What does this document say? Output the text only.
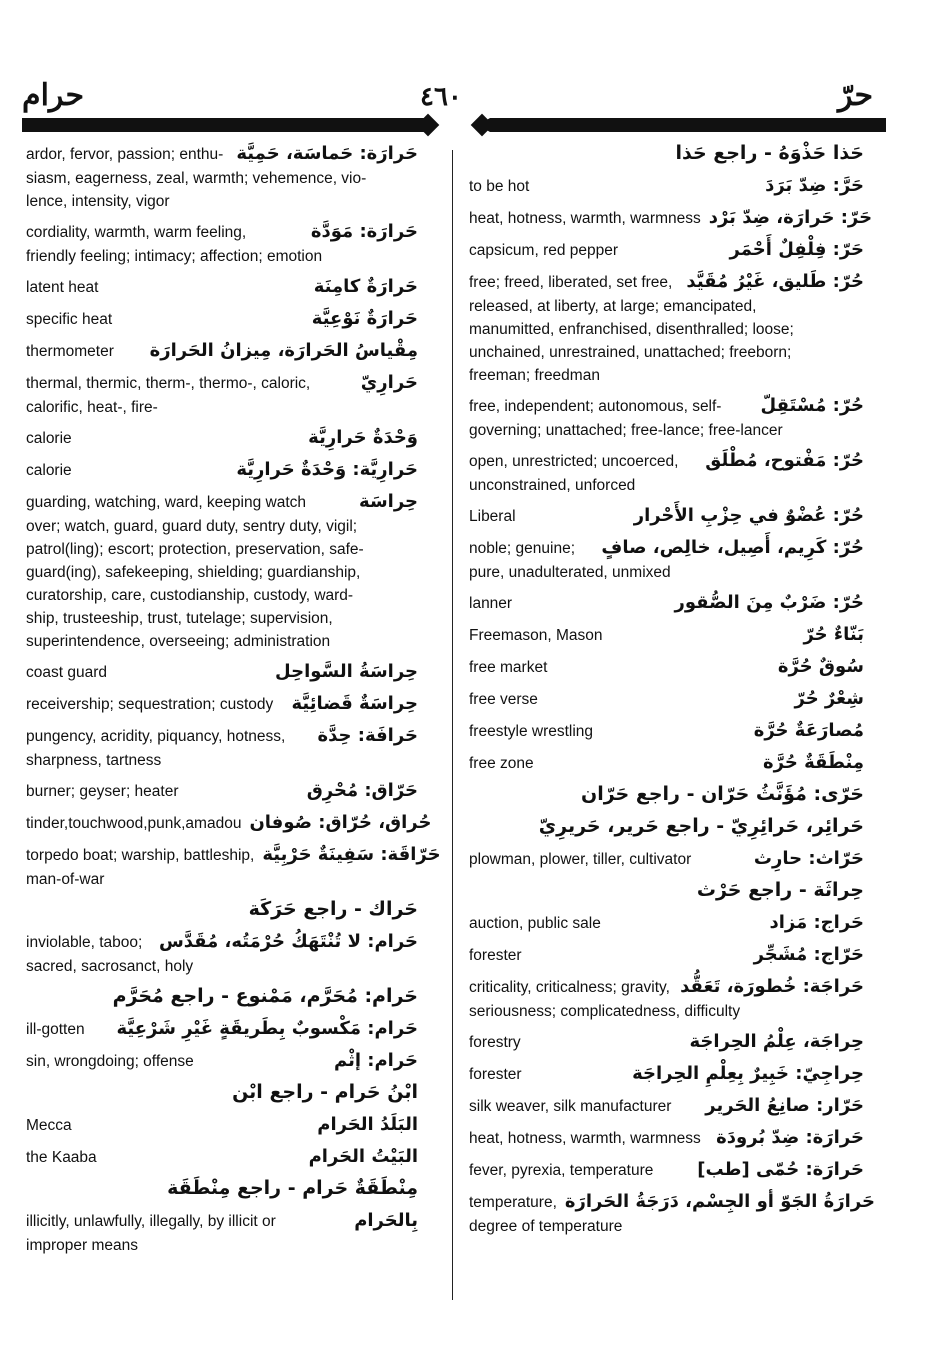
حرام	٤٦٠	حرّ
ardor, fervor, passion; enthu- حَرارَة: حَماسَة، حَمِيَّة
siasm, eagerness, zeal, warmth; vehemence, vio-
lence, intensity, vigor
cordiality, warmth, warm feeling,	حَرارَة: مَوَدَّة
friendly feeling; intimacy; affection; emotion
latent heat	حَرارَةٌ كامِنَة
specific heat	حَرارَةٌ نَوْعِيَّة
thermometer مِقْياسُ الحَرارَة، مِيزانُ الحَرارَة
thermal, thermic, therm-, thermo-, caloric,	حَرارِيّ
calorific, heat-, fire-
calorie	وَحْدَةٌ حَرارِيَّة
calorie	حَرارِيَّة: وَحْدَةٌ حَرارِيَّة
guarding, watching, ward, keeping watch	حِراسَة
over; watch, guard, guard duty, sentry duty, vigil;
patrol(ling); escort; protection, preservation, safe-
guard(ing), safekeeping, shielding; guardianship,
curatorship, care, custodianship, custody, ward-
ship, trusteeship, trust, tutelage; supervision,
superintendence, overseeing; administration
coast guard	حِراسَةُ السَّواحِل
receivership; sequestration; custody حِراسَةٌ قَضائِيَّة
pungency, acridity, piquancy, hotness, حَرافَة: حِدَّة
sharpness, tartness
burner; geyser; heater	حَرّاق: مُحْرِق
tinder,touchwood,punk,amadou حُراق، حُرّاق: صُوفان
torpedo boat; warship, battleship, حَرّاقَة: سَفِينَةٌ حَرْبِيَّة
man-of-war
حَراك - راجع حَرَكَة
inviolable, taboo; حَرام: لا تُنْتَهَكُ حُرْمَتُه، مُقَدَّس
sacred, sacrosanct, holy
حَرام: مُحَرَّم، مَمْنوع - راجع مُحَرَّم
ill-gotten حَرام: مَكْسوبٌ بِطَريقَةٍ غَيْرِ شَرْعِيَّة
sin, wrongdoing; offense	حَرام: إثْم
ابْنُ حَرام - راجع ابْن
Mecca	البَلَدُ الحَرام
the Kaaba	البَيْتُ الحَرام
مِنْطَقَةٌ حَرام - راجع مِنْطَقَة
illicitly, unlawfully, illegally, by illicit or	بِالحَرام
improper means
حَذا حَذْوَهُ - راجع حَذا
to be hot	حَرَّ: ضِدّ بَرَدَ
heat, hotness, warmth, warmness حَرّ: حَرارَة، ضِدّ بَرْد
capsicum, red pepper	حَرّ: فِلْفِلٌ أَحْمَر
free; freed, liberated, set free, حُرّ: طَليق، غَيْرُ مُقَيَّد
released, at liberty, at large; emancipated,
manumitted, enfranchised, disenthralled; loose;
unchained, unrestrained, unattached; freeborn;
freeman; freedman
free, independent; autonomous, self- حُرّ: مُسْتَقِلّ
governing; unattached; free-lance; free-lancer
open, unrestricted; uncoerced, حُرّ: مَفْتوح، مُطْلَق
unconstrained, unforced
Liberal	حُرّ: عُضْوٌ في حِزْبِ الأَحْرار
noble; genuine; حُرّ: كَرِيم، أَصِيل، خالِص، صافٍ
pure, unadulterated, unmixed
lanner	حُرّ: ضَرْبٌ مِنَ الصُّقور
Freemason, Mason	بَنّاءٌ حُرّ
free market	سُوقٌ حُرَّة
free verse	شِعْرٌ حُرّ
freestyle wrestling	مُصارَعَةٌ حُرَّة
free zone	مِنْطَقَةٌ حُرَّة
حَرّى: مُؤَنَّثُ حَرّان - راجع حَرّان
حَرائِر، حَرائِرِيّ - راجع حَرير، حَريرِيّ
plowman, plower, tiller, cultivator	حَرّاث: حارِث
حِراثَة - راجع حَرْث
auction, public sale	حَراج: مَزاد
forester	حَرّاج: مُشَجِّر
criticality, criticalness; gravity, حَراجَة: خُطورَة، تَعَقُّد
seriousness; complicatedness, difficulty
forestry	حِراجَة، عِلْمُ الحِراجَة
forester	حِراجِيّ: خَبِيرٌ بِعِلْمِ الحِراجَة
silk weaver, silk manufacturer حَرّار: صانِعُ الحَرير
heat, hotness, warmth, warmness حَرارَة: ضِدّ بُرودَة
fever, pyrexia, temperature حَرارَة: حُمّى [طب]
temperature, حَرارَةُ الجَوّ أو الجِسْم، دَرَجَةُ الحَرارَة
degree of temperature
